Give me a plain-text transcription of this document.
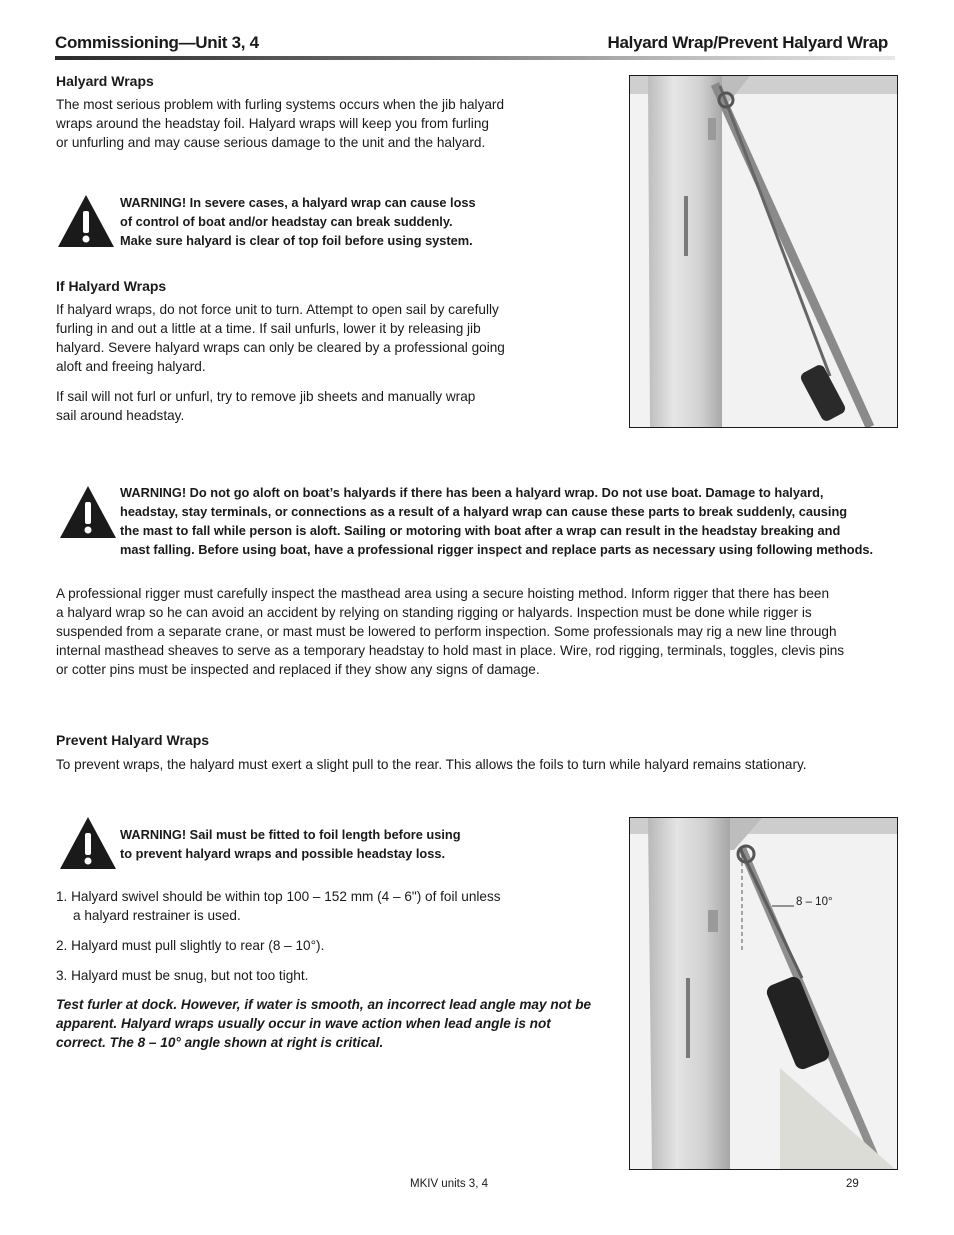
Commissioning—Unit 3, 4	Halyard Wrap/Prevent Halyard Wrap
Halyard Wraps

The most serious problem with furling systems occurs when the jib halyard

wraps around the headstay foil. Halyard wraps will keep you from furling

or unfurling and may cause serious damage to the unit and the halyard.

WARNING! In severe cases, a halyard wrap can cause loss
of control of boat and/or headstay can break suddenly.
Make sure halyard is clear of top foil before using system.
If Halyard Wraps

If halyard wraps, do not force unit to turn. Attempt to open sail by carefully

furling in and out a little at a time. If sail unfurls, lower it by releasing jib

halyard. Severe halyard wraps can only be cleared by a professional going

aloft and freeing halyard.

If sail will not furl or unfurl, try to remove jib sheets and manually wrap

sail around headstay.

WARNING! Do not go aloft on boat’s halyards if there has been a halyard wrap. Do not use boat. Damage to halyard,
headstay, stay terminals, or connections as a result of a halyard wrap can cause these parts to break suddenly, causing
the mast to fall while person is aloft. Sailing or motoring with boat after a wrap can result in the headstay breaking and
mast falling. Before using boat, have a professional rigger inspect and replace parts as necessary using following methods.

A professional rigger must carefully inspect the masthead area using a secure hoisting method. Inform rigger that there has been

a halyard wrap so he can avoid an accident by relying on standing rigging or halyards. Inspection must be done while rigger is

suspended from a separate crane, or mast must be lowered to perform inspection. Some professionals may rig a new line through

internal masthead sheaves to serve as a temporary headstay to hold mast in place. Wire, rod rigging, terminals, toggles, clevis pins

or cotter pins must be inspected and replaced if they show any signs of damage.

Prevent Halyard Wraps

To prevent wraps, the halyard must exert a slight pull to the rear. This allows the foils to turn while halyard remains stationary.

WARNING! Sail must be fitted to foil length before using
to prevent halyard wraps and possible headstay loss.
1. Halyard swivel should be within top 100 – 152 mm (4 – 6") of foil unless
a halyard restrainer is used.
2. Halyard must pull slightly to rear (8 – 10°).
3. Halyard must be snug, but not too tight.
Test furler at dock. However, if water is smooth, an incorrect lead angle may not be
apparent. Halyard wraps usually occur in wave action when lead angle is not
correct. The 8 – 10° angle shown at right is critical.
8 – 10°
MKIV units 3, 4	29
